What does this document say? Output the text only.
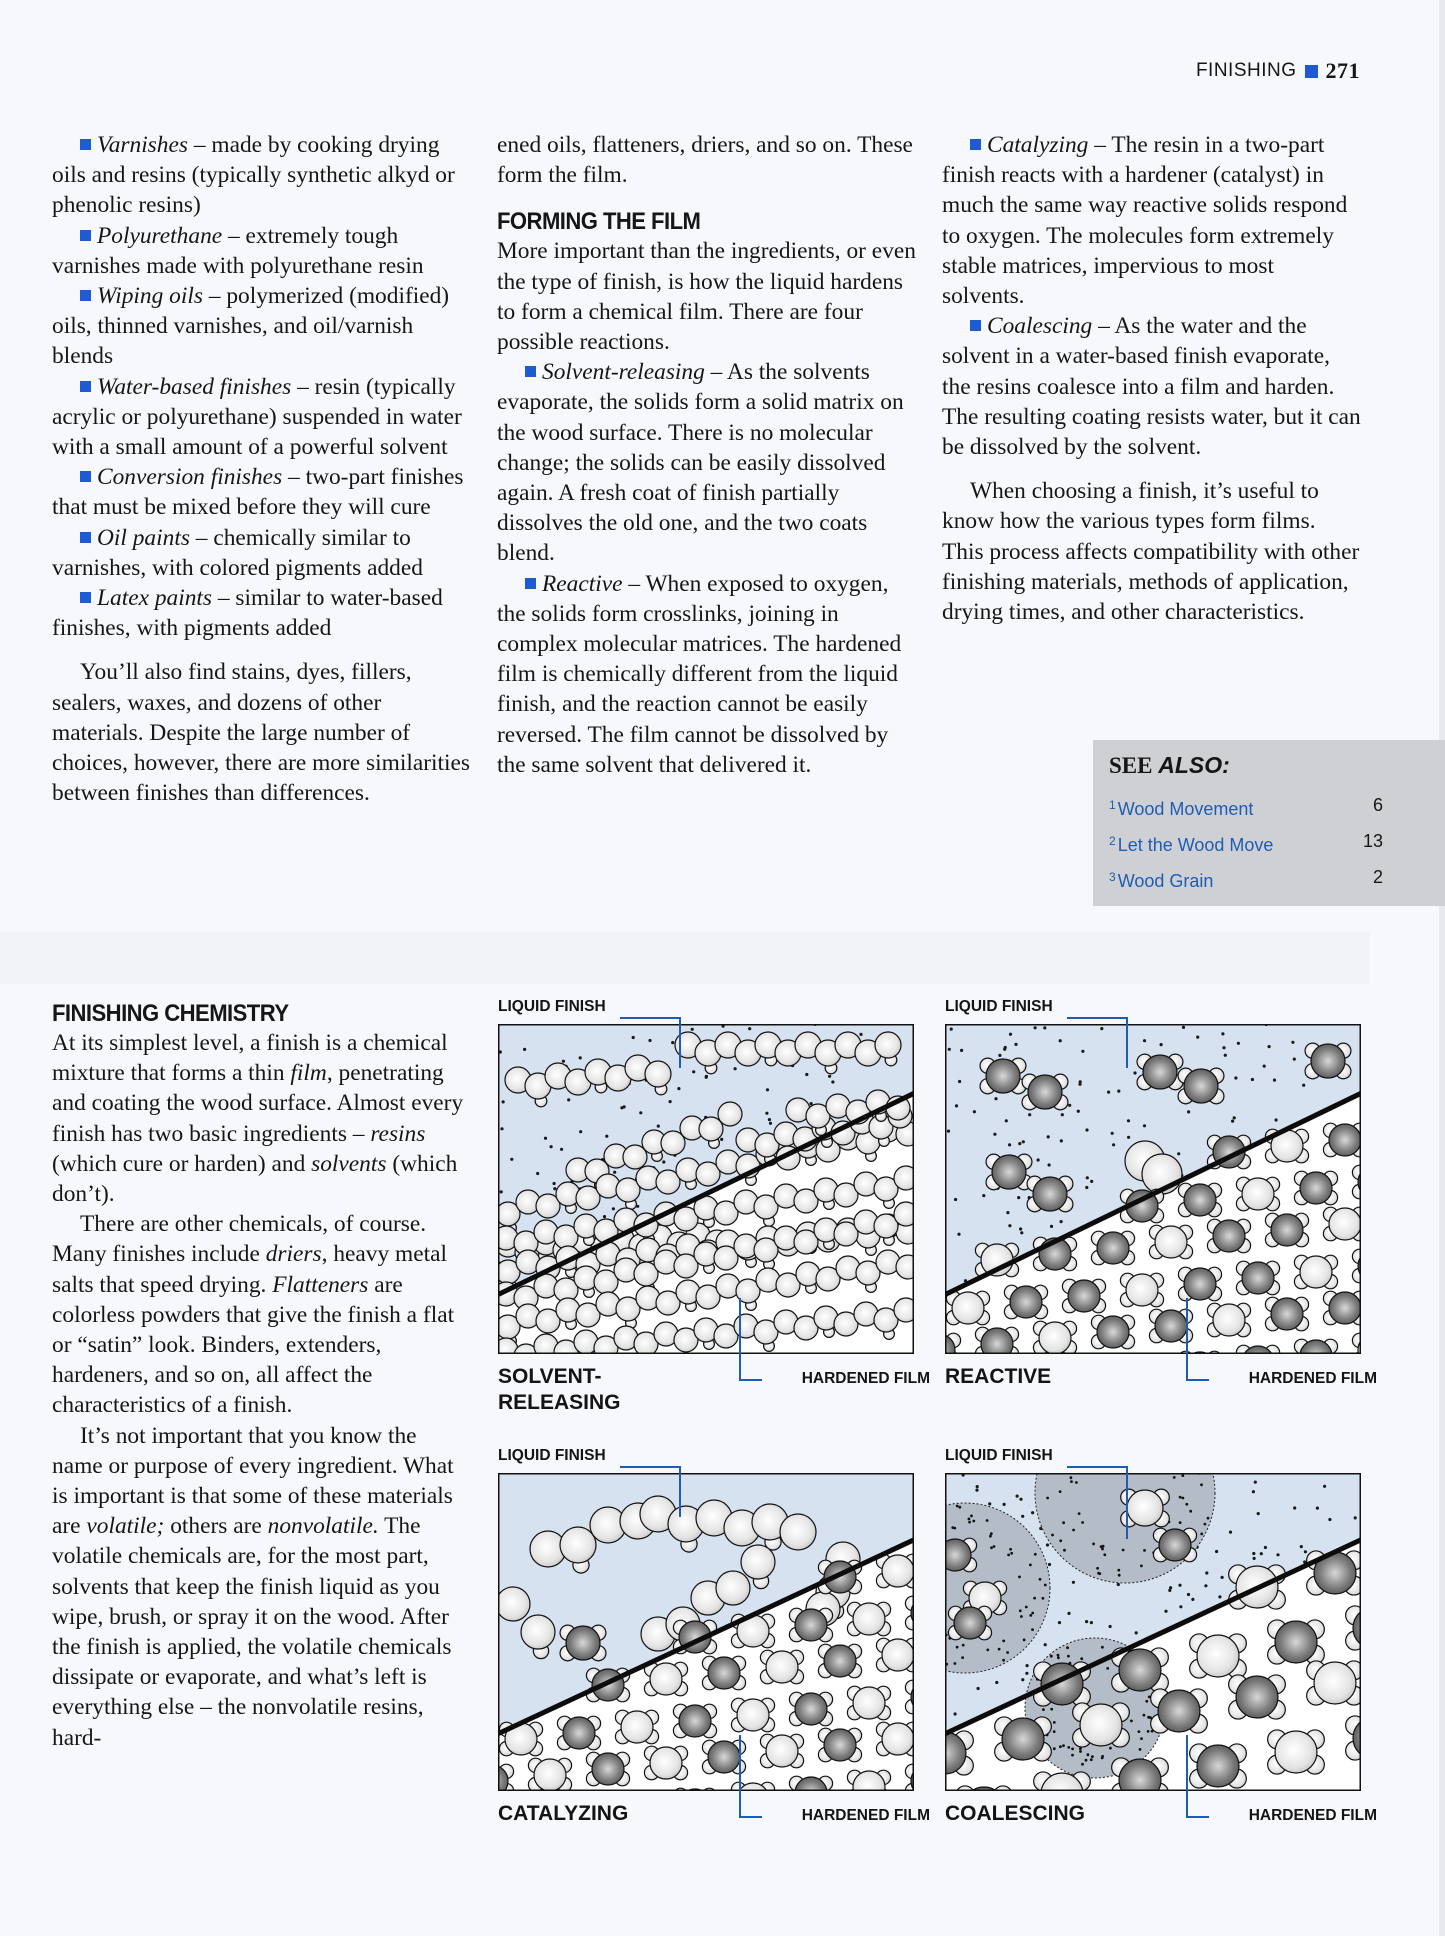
FINISHING 271

Varnishes – made by cooking drying oils and resins (typically synthetic alkyd or phenolic resins)

Polyurethane – extremely tough varnishes made with polyurethane resin

Wiping oils – polymerized (modified) oils, thinned varnishes, and oil/varnish blends

Water-based finishes – resin (typically acrylic or polyurethane) suspended in water with a small amount of a powerful solvent

Conversion finishes – two-part finishes that must be mixed before they will cure

Oil paints – chemically similar to varnishes, with colored pigments added

Latex paints – similar to water-based finishes, with pigments added

You’ll also find stains, dyes, fillers, sealers, waxes, and dozens of other materials. Despite the large number of choices, however, there are more similarities between finishes than differences.

ened oils, flatteners, driers, and so on. These form the film.

FORMING THE FILM

More important than the ingredients, or even the type of finish, is how the liquid hardens to form a chemical film. There are four possible reactions.

Solvent-releasing – As the solvents evaporate, the solids form a solid matrix on the wood surface. There is no molecular change; the solids can be easily dissolved again. A fresh coat of finish partially dissolves the old one, and the two coats blend.

Reactive – When exposed to oxygen, the solids form crosslinks, joining in complex molecular matrices. The hardened film is chemically different from the liquid finish, and the reaction cannot be easily reversed. The film cannot be dissolved by the same solvent that delivered it.

Catalyzing – The resin in a two-part finish reacts with a hardener (catalyst) in much the same way reactive solids respond to oxygen. The molecules form extremely stable matrices, impervious to most solvents.

Coalescing – As the water and the solvent in a water-based finish evaporate, the resins coalesce into a film and harden. The resulting coating resists water, but it can be dissolved by the solvent.

When choosing a finish, it’s useful to know how the various types form films. This process affects compatibility with other finishing materials, methods of application, drying times, and other characteristics.

SEE ALSO:
$^1$ Wood Movement	6
$^2$ Let the Wood Move	13
$^3$ Wood Grain	2
FINISHING CHEMISTRY

At its simplest level, a finish is a chemical mixture that forms a thin film, penetrating and coating the wood surface. Almost every finish has two basic ingredients – resins (which cure or harden) and solvents (which don’t).

There are other chemicals, of course. Many finishes include driers, heavy metal salts that speed drying. Flatteners are colorless powders that give the finish a flat or “satin” look. Binders, extenders, hardeners, and so on, all affect the characteristics of a finish.

It’s not important that you know the name or purpose of every ingredient. What is important is that some of these materials are volatile; others are nonvolatile. The volatile chemicals are, for the most part, solvents that keep the finish liquid as you wipe, brush, or spray it on the wood. After the finish is applied, the volatile chemicals dissipate or evaporate, and what’s left is everything else – the nonvolatile resins, hard-

LIQUID FINISH
SOLVENT-
RELEASING
HARDENED FILM
LIQUID FINISH
REACTIVE	HARDENED FILM
LIQUID FINISH
CATALYZING	HARDENED FILM
LIQUID FINISH
COALESCING	HARDENED FILM
